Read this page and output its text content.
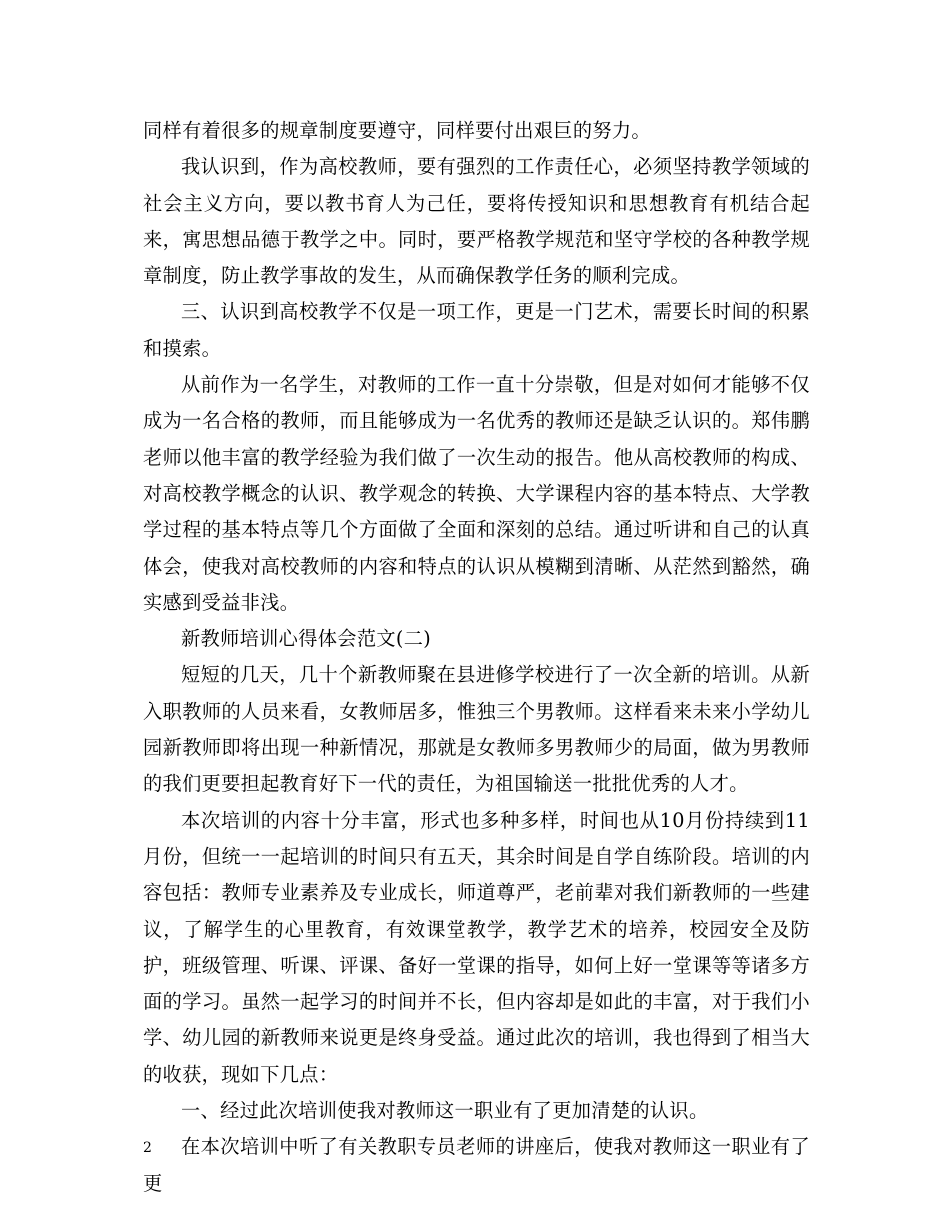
同样有着很多的规章制度要遵守，同样要付出艰巨的努力。

我认识到，作为高校教师，要有强烈的工作责任心，必须坚持教学领域的社会主义方向，要以教书育人为己任，要将传授知识和思想教育有机结合起来，寓思想品德于教学之中。同时，要严格教学规范和坚守学校的各种教学规章制度，防止教学事故的发生，从而确保教学任务的顺利完成。

三、认识到高校教学不仅是一项工作，更是一门艺术，需要长时间的积累和摸索。

从前作为一名学生，对教师的工作一直十分崇敬，但是对如何才能够不仅成为一名合格的教师，而且能够成为一名优秀的教师还是缺乏认识的。郑伟鹏老师以他丰富的教学经验为我们做了一次生动的报告。他从高校教师的构成、对高校教学概念的认识、教学观念的转换、大学课程内容的基本特点、大学教学过程的基本特点等几个方面做了全面和深刻的总结。通过听讲和自己的认真体会，使我对高校教师的内容和特点的认识从模糊到清晰、从茫然到豁然，确实感到受益非浅。

新教师培训心得体会范文(二)

短短的几天，几十个新教师聚在县进修学校进行了一次全新的培训。从新入职教师的人员来看，女教师居多，惟独三个男教师。这样看来未来小学幼儿园新教师即将出现一种新情况，那就是女教师多男教师少的局面，做为男教师的我们更要担起教育好下一代的责任，为祖国输送一批批优秀的人才。

本次培训的内容十分丰富，形式也多种多样，时间也从10月份持续到11月份，但统一一起培训的时间只有五天，其余时间是自学自练阶段。培训的内容包括：教师专业素养及专业成长，师道尊严，老前辈对我们新教师的一些建议，了解学生的心里教育，有效课堂教学，教学艺术的培养，校园安全及防护，班级管理、听课、评课、备好一堂课的指导，如何上好一堂课等等诸多方面的学习。虽然一起学习的时间并不长，但内容却是如此的丰富，对于我们小学、幼儿园的新教师来说更是终身受益。通过此次的培训，我也得到了相当大的收获，现如下几点：

一、经过此次培训使我对教师这一职业有了更加清楚的认识。

在本次培训中听了有关教职专员老师的讲座后，使我对教师这一职业有了更

2
